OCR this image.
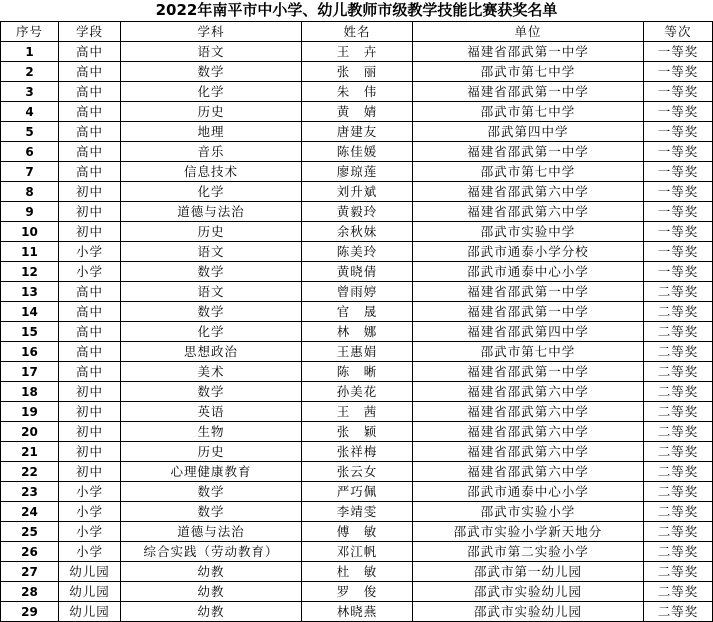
2022年南平市中小学、幼儿教师市级教学技能比赛获奖名单
序号	学段	学科	姓名	单位	等次
1	高中	语文	王　卉	福建省邵武第一中学	一等奖
2	高中	数学	张　丽	邵武市第七中学	一等奖
3	高中	化学	朱　伟	福建省邵武第一中学	一等奖
4	高中	历史	黄　婧	邵武市第七中学	一等奖
5	高中	地理	唐建友	邵武第四中学	一等奖
6	高中	音乐	陈佳媛	福建省邵武第一中学	一等奖
7	高中	信息技术	廖琼莲	邵武市第七中学	一等奖
8	初中	化学	刘升斌	福建省邵武第六中学	一等奖
9	初中	道德与法治	黄毅玲	福建省邵武第六中学	一等奖
10	初中	历史	余秋妹	邵武市实验中学	一等奖
11	小学	语文	陈美玲	邵武市通泰小学分校	一等奖
12	小学	数学	黄晓倩	邵武市通泰中心小学	一等奖
13	高中	语文	曾雨婷	福建省邵武第一中学	二等奖
14	高中	数学	官　晟	福建省邵武第一中学	二等奖
15	高中	化学	林　娜	福建省邵武第四中学	二等奖
16	高中	思想政治	王惠娟	邵武市第七中学	二等奖
17	高中	美术	陈　晰	福建省邵武第一中学	二等奖
18	初中	数学	孙美花	福建省邵武第六中学	二等奖
19	初中	英语	王　茜	福建省邵武第六中学	二等奖
20	初中	生物	张　颖	福建省邵武第六中学	二等奖
21	初中	历史	张祥梅	福建省邵武第六中学	二等奖
22	初中	心理健康教育	张云女	福建省邵武第六中学	二等奖
23	小学	数学	严巧佩	邵武市通泰中心小学	二等奖
24	小学	数学	李靖雯	邵武市实验小学	二等奖
25	小学	道德与法治	傅　敏	邵武市实验小学新天地分	二等奖
26	小学	综合实践（劳动教育）	邓江帆	邵武市第二实验小学	二等奖
27	幼儿园	幼教	杜　敏	邵武市第一幼儿园	二等奖
28	幼儿园	幼教	罗　俊	邵武市实验幼儿园	二等奖
29	幼儿园	幼教	林晓燕	邵武市实验幼儿园	二等奖
